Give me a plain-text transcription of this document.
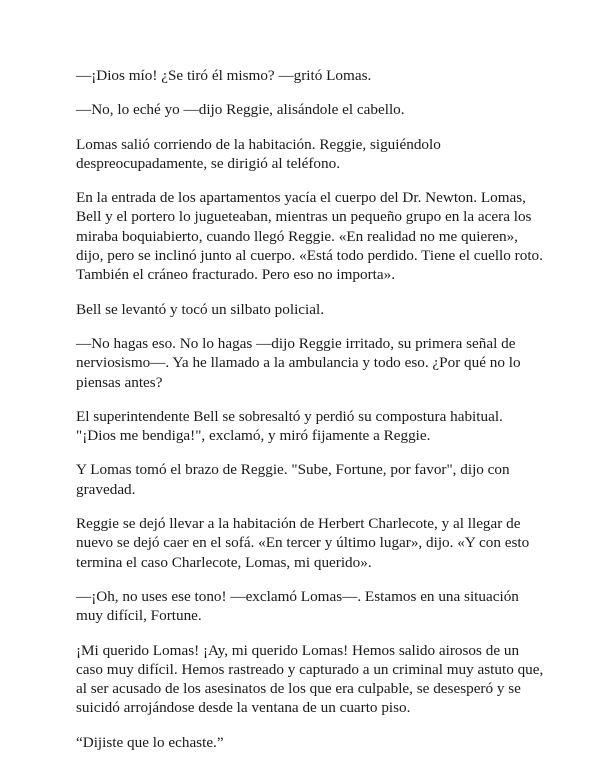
—¡Dios mío! ¿Se tiró él mismo? —gritó Lomas.

—No, lo eché yo —dijo Reggie, alisándole el cabello.

Lomas salió corriendo de la habitación. Reggie, siguiéndolo despreocupadamente, se dirigió al teléfono.

En la entrada de los apartamentos yacía el cuerpo del Dr. Newton. Lomas, Bell y el portero lo jugueteaban, mientras un pequeño grupo en la acera los miraba boquiabierto, cuando llegó Reggie. «En realidad no me quieren», dijo, pero se inclinó junto al cuerpo. «Está todo perdido. Tiene el cuello roto. También el cráneo fracturado. Pero eso no importa».

Bell se levantó y tocó un silbato policial.

—No hagas eso. No lo hagas —dijo Reggie irritado, su primera señal de nerviosismo—. Ya he llamado a la ambulancia y todo eso. ¿Por qué no lo piensas antes?

El superintendente Bell se sobresaltó y perdió su compostura habitual. "¡Dios me bendiga!", exclamó, y miró fijamente a Reggie.

Y Lomas tomó el brazo de Reggie. "Sube, Fortune, por favor", dijo con gravedad.

Reggie se dejó llevar a la habitación de Herbert Charlecote, y al llegar de nuevo se dejó caer en el sofá. «En tercer y último lugar», dijo. «Y con esto termina el caso Charlecote, Lomas, mi querido».

—¡Oh, no uses ese tono! —exclamó Lomas—. Estamos en una situación muy difícil, Fortune.

¡Mi querido Lomas! ¡Ay, mi querido Lomas! Hemos salido airosos de un caso muy difícil. Hemos rastreado y capturado a un criminal muy astuto que, al ser acusado de los asesinatos de los que era culpable, se desesperó y se suicidó arrojándose desde la ventana de un cuarto piso.

“Dijiste que lo echaste.”
